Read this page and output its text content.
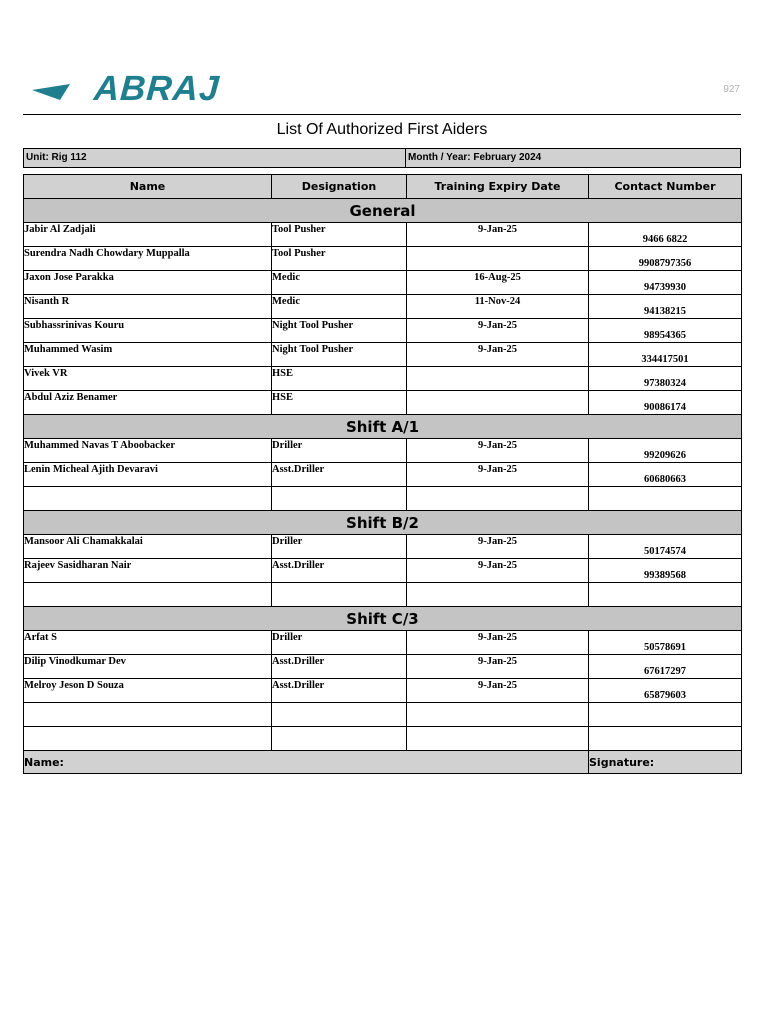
ABRAJ	927
List Of Authorized First Aiders
Unit: Rig 112	Month / Year: February 2024
Name	Designation	Training Expiry Date	Contact Number
General			
Jabir Al Zadjali	Tool Pusher	9-Jan-25	9466 6822
Surendra Nadh Chowdary Muppalla	Tool Pusher		9908797356
Jaxon Jose Parakka	Medic	16-Aug-25	94739930
Nisanth R	Medic	11-Nov-24	94138215
Subhassrinivas Kouru	Night Tool Pusher	9-Jan-25	98954365
Muhammed Wasim	Night Tool Pusher	9-Jan-25	334417501
Vivek VR	HSE		97380324
Abdul Aziz Benamer	HSE		90086174
Shift A/1			
Muhammed Navas T Aboobacker	Driller	9-Jan-25	99209626
Lenin Micheal Ajith Devaravi	Asst.Driller	9-Jan-25	60680663

Shift B/2			
Mansoor Ali Chamakkalai	Driller	9-Jan-25	50174574
Rajeev Sasidharan Nair	Asst.Driller	9-Jan-25	99389568

Shift C/3			
Arfat S	Driller	9-Jan-25	50578691
Dilip Vinodkumar Dev	Asst.Driller	9-Jan-25	67617297
Melroy Jeson D Souza	Asst.Driller	9-Jan-25	65879603

Name:			Signature:
